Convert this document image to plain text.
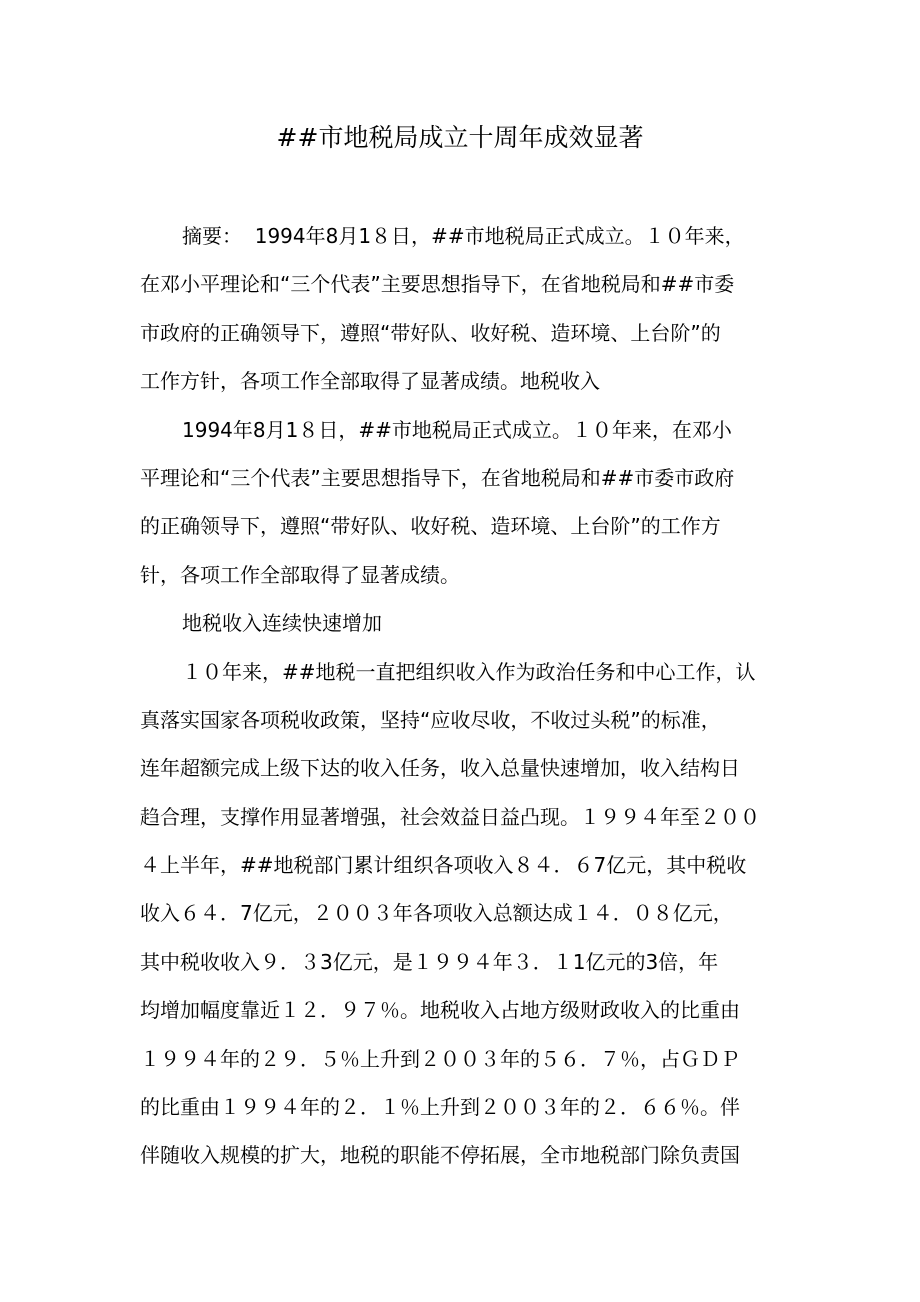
##市地税局成立十周年成效显著
摘要：  1994年8月1８日，##市地税局正式成立。１０年来，
在邓小平理论和“三个代表”主要思想指导下，在省地税局和##市委
市政府的正确领导下，遵照“带好队、收好税、造环境、上台阶”的
工作方针，各项工作全部取得了显著成绩。地税收入
1994年8月1８日，##市地税局正式成立。１０年来，在邓小
平理论和“三个代表”主要思想指导下，在省地税局和##市委市政府
的正确领导下，遵照“带好队、收好税、造环境、上台阶”的工作方
针，各项工作全部取得了显著成绩。
地税收入连续快速增加
１０年来，##地税一直把组织收入作为政治任务和中心工作，认
真落实国家各项税收政策，坚持“应收尽收，不收过头税”的标准，
连年超额完成上级下达的收入任务，收入总量快速增加，收入结构日
趋合理，支撑作用显著增强，社会效益日益凸现。１９９４年至２００
４上半年，##地税部门累计组织各项收入８４．６7亿元，其中税收
收入６４．7亿元，２００３年各项收入总额达成１４．０８亿元，
其中税收收入９．３3亿元，是１９９４年３．１1亿元的3倍，年
均增加幅度靠近１２．９７％。地税收入占地方级财政收入的比重由
１９９４年的２９．５％上升到２００３年的５６．７％，占ＧＤＰ
的比重由１９９４年的２．１％上升到２００３年的２．６６％。伴
伴随收入规模的扩大，地税的职能不停拓展，全市地税部门除负责国
